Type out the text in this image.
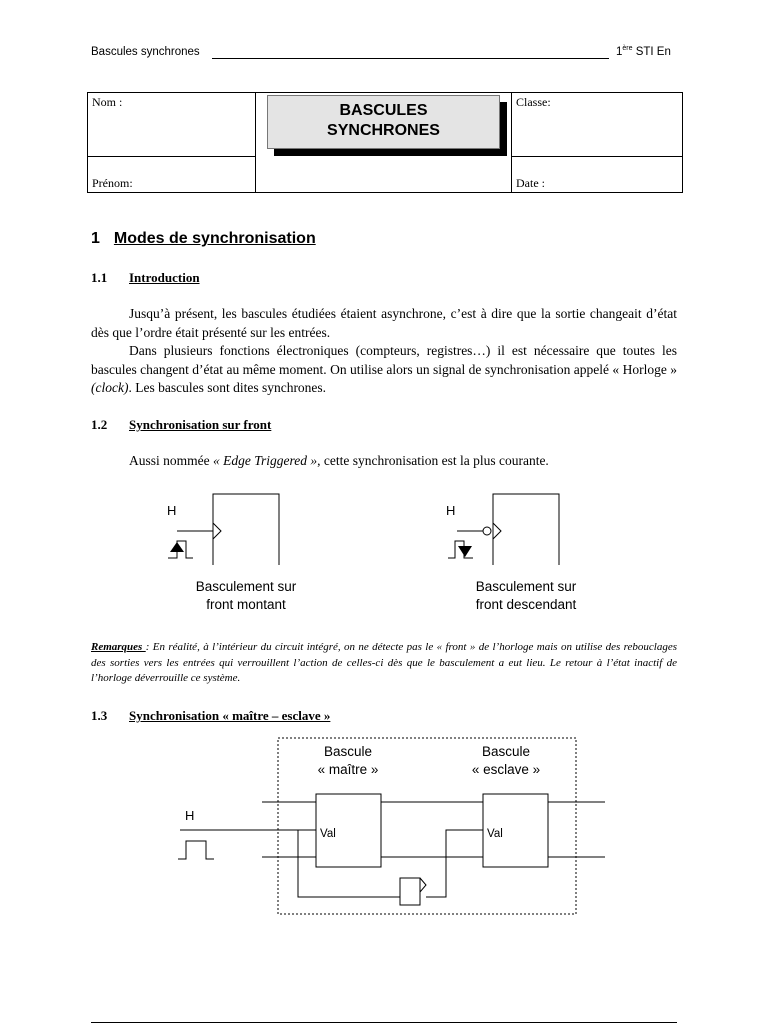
Bascules synchrones	1ère STI En
Nom :
Prénom:
Classe:
Date :
BASCULES
SYNCHRONES
1 Modes de synchronisation
1.1 Introduction

Jusqu’à présent, les bascules étudiées étaient asynchrone, c’est à dire que la sortie changeait d’état dès que l’ordre était présenté sur les entrées.

Dans plusieurs fonctions électroniques (compteurs, registres…) il est nécessaire que toutes les bascules changent d’état au même moment. On utilise alors un signal de synchronisation appelé « Horloge » (clock). Les bascules sont dites synchrones.

1.2 Synchronisation sur front
Aussi nommée « Edge Triggered », cette synchronisation est la plus courante.
H
Basculement sur
front montant
H
Basculement sur
front descendant
Remarques : En réalité, à l’intérieur du circuit intégré, on ne détecte pas le « front » de l’horloge mais on utilise des rebouclages des sorties vers les entrées qui verrouillent l’action de celles-ci dès que le basculement a eut lieu. Le retour à l’état inactif de l’horloge déverrouille ce système.
1.3 Synchronisation « maître – esclave »
H
Bascule
« maître »
Bascule
« esclave »
Val	Val
